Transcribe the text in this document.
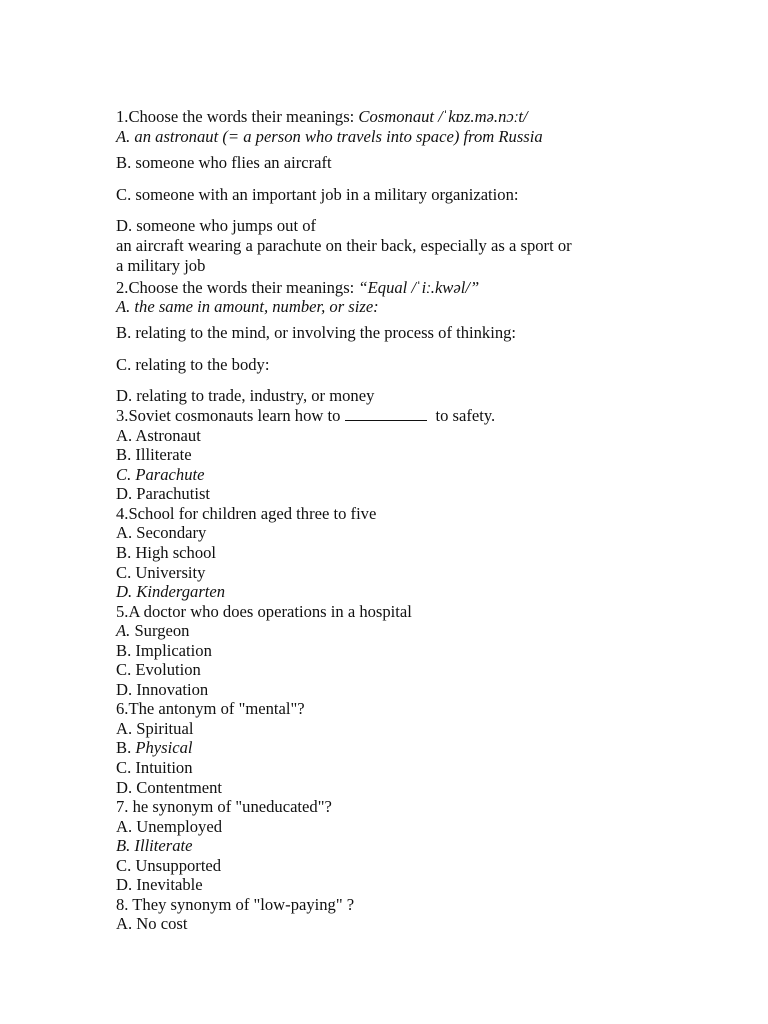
1.Choose the words their meanings: Cosmonaut /ˈkɒz.mə.nɔːt/
A. an astronaut (= a person who travels into space) from Russia
B. someone who flies an aircraft
C. someone with an important job in a military organization:
D. someone who jumps out of
an aircraft wearing a parachute on their back, especially as a sport or
a military job
2.Choose the words their meanings: “Equal /ˈiː.kwəl/”
A. the same in amount, number, or size:
B. relating to the mind, or involving the process of thinking:
C. relating to the body:
D. relating to trade, industry, or money
3.Soviet cosmonauts learn how to	to safety.
A. Astronaut
B. Illiterate
C. Parachute
D. Parachutist
4.School for children aged three to five
A. Secondary
B. High school
C. University
D. Kindergarten
5.A doctor who does operations in a hospital
A. Surgeon
B. Implication
C. Evolution
D. Innovation
6.The antonym of "mental"?
A. Spiritual
B. Physical
C. Intuition
D. Contentment
7. he synonym of "uneducated"?
A. Unemployed
B. Illiterate
C. Unsupported
D. Inevitable
8. They synonym of "low-paying" ?
A. No cost
